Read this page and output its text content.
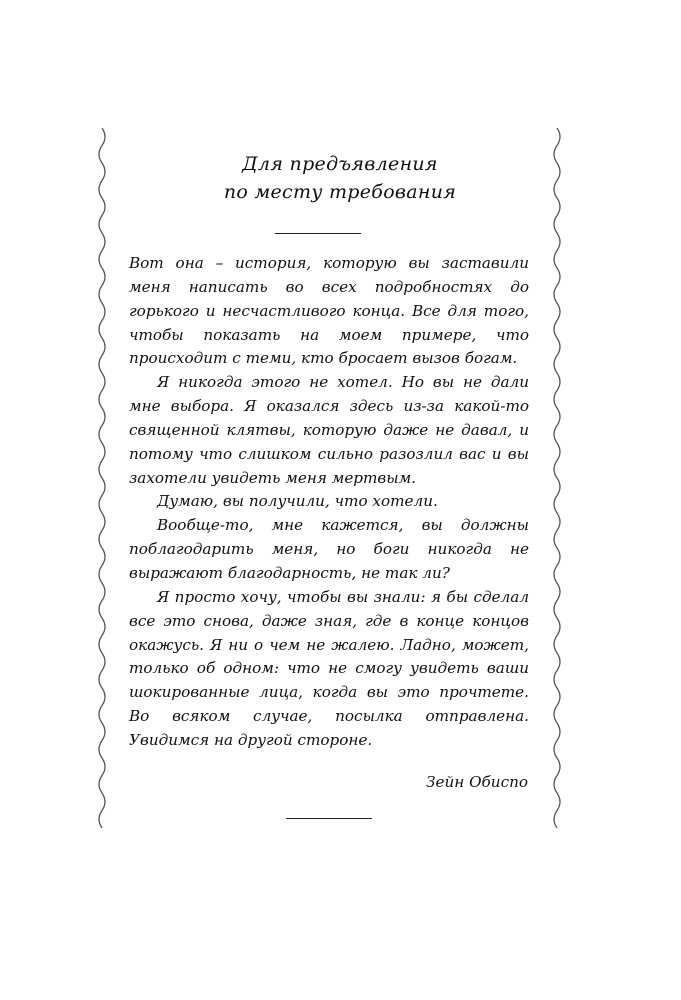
Для предъявления
по месту требования

Вот она – история, которую вы заставили меня написать во всех подробностях до горького и несчастливого конца. Все для того, чтобы показать на моем примере, что происходит с теми, кто бросает вызов богам.

Я никогда этого не хотел. Но вы не дали мне выбора. Я оказался здесь из-за какой-то священной клятвы, которую даже не давал, и потому что слишком сильно разозлил вас и вы захотели увидеть меня мертвым.

Думаю, вы получили, что хотели.

Вообще-то, мне кажется, вы должны поблагодарить меня, но боги никогда не выражают благодарность, не так ли?

Я просто хочу, чтобы вы знали: я бы сделал все это снова, даже зная, где в конце концов окажусь. Я ни о чем не жалею. Ладно, может, только об одном: что не смогу увидеть ваши шокированные лица, когда вы это прочтете. Во всяком случае, посылка отправлена. Увидимся на другой стороне.

Зейн Обиспо
